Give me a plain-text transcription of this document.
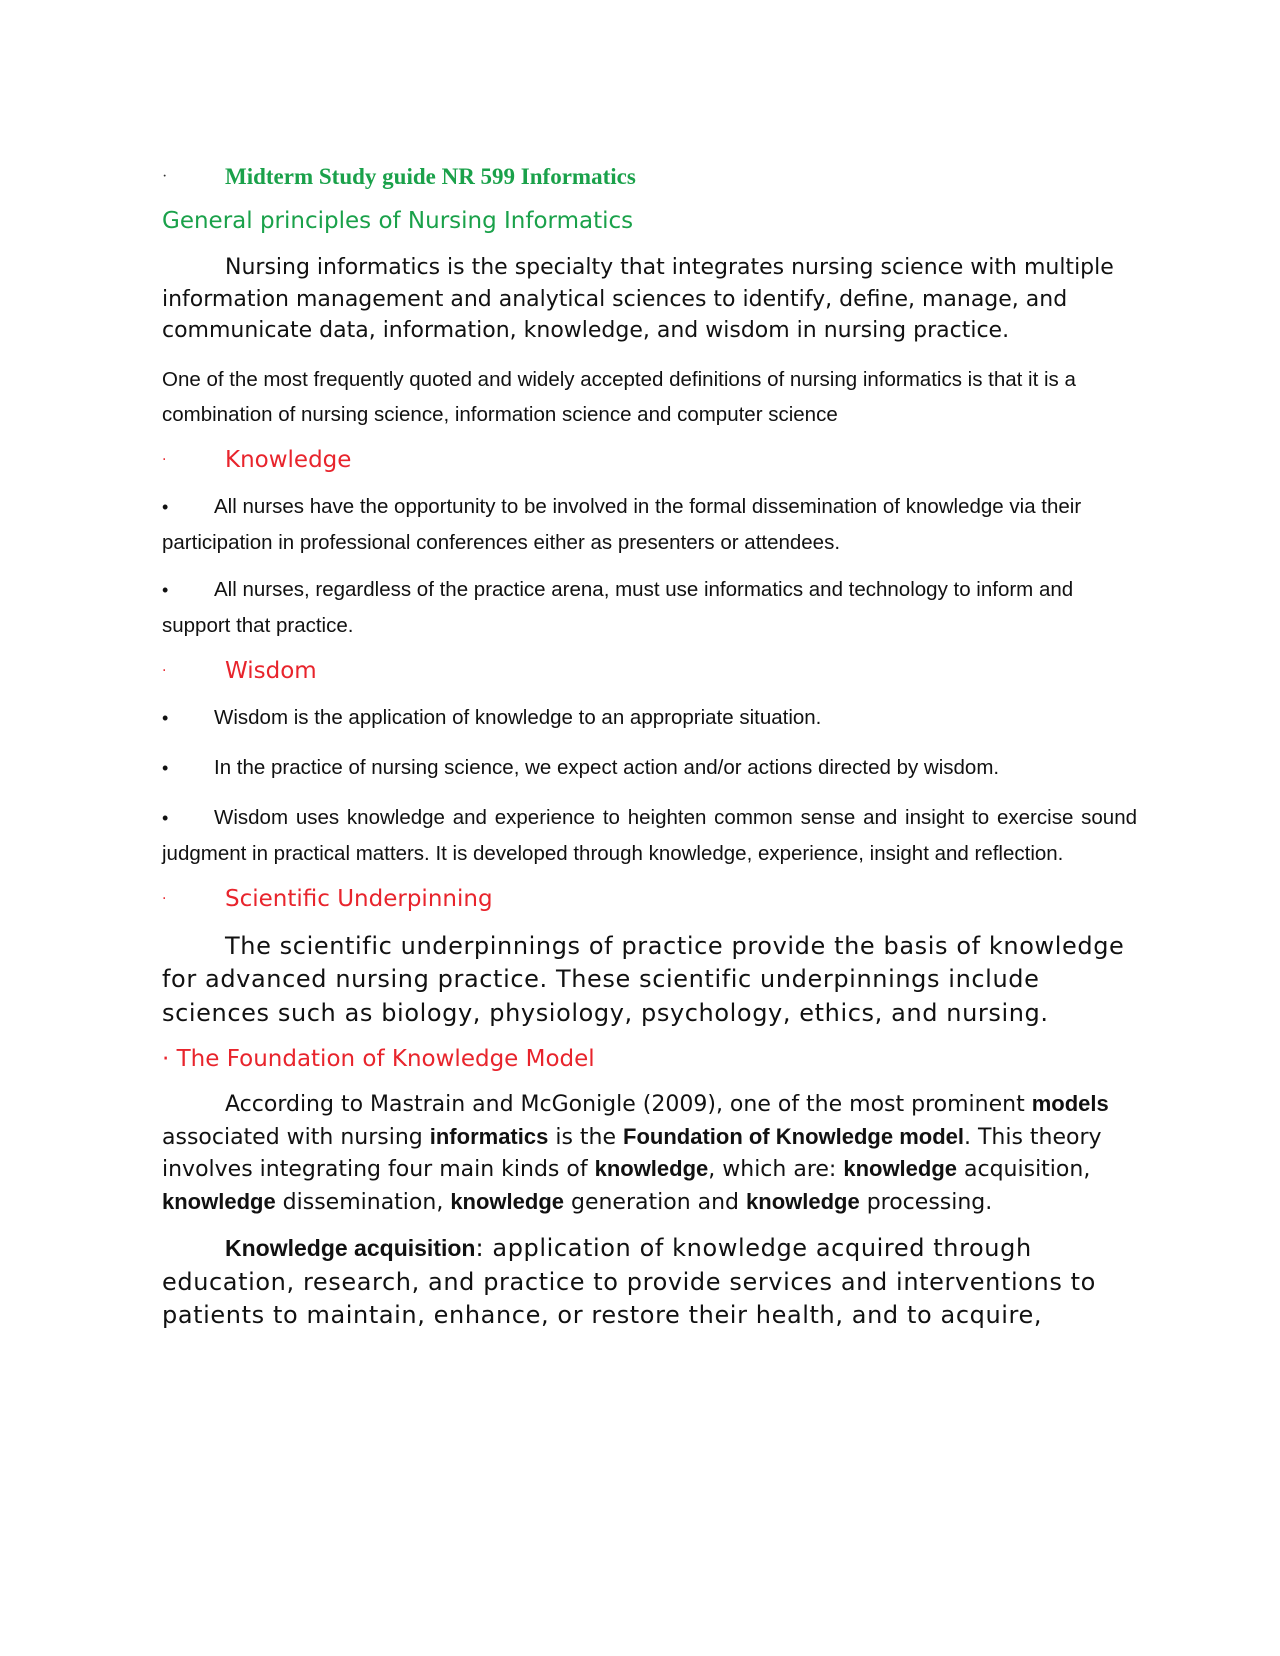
·	Midterm Study guide NR 599 Informatics
General principles of Nursing Informatics

Nursing informatics is the specialty that integrates nursing science with multiple information management and analytical sciences to identify, define, manage, and communicate data, information, knowledge, and wisdom in nursing practice.

One of the most frequently quoted and widely accepted definitions of nursing informatics is that it is a combination of nursing science, information science and computer science

·	Knowledge

• All nurses have the opportunity to be involved in the formal dissemination of knowledge via their participation in professional conferences either as presenters or attendees.

• All nurses, regardless of the practice arena, must use informatics and technology to inform and support that practice.

·	Wisdom

• Wisdom is the application of knowledge to an appropriate situation.

• In the practice of nursing science, we expect action and/or actions directed by wisdom.

• Wisdom uses knowledge and experience to heighten common sense and insight to exercise sound judgment in practical matters. It is developed through knowledge, experience, insight and reflection.

·	Scientific Underpinning

The scientific underpinnings of practice provide the basis of knowledge for advanced nursing practice. These scientific underpinnings include sciences such as biology, physiology, psychology, ethics, and nursing.

· The Foundation of Knowledge Model

According to Mastrain and McGonigle (2009), one of the most prominent models associated with nursing informatics is the Foundation of Knowledge model. This theory involves integrating four main kinds of knowledge, which are: knowledge acquisition, knowledge dissemination, knowledge generation and knowledge processing.

Knowledge acquisition: application of knowledge acquired through education, research, and practice to provide services and interventions to patients to maintain, enhance, or restore their health, and to acquire,
